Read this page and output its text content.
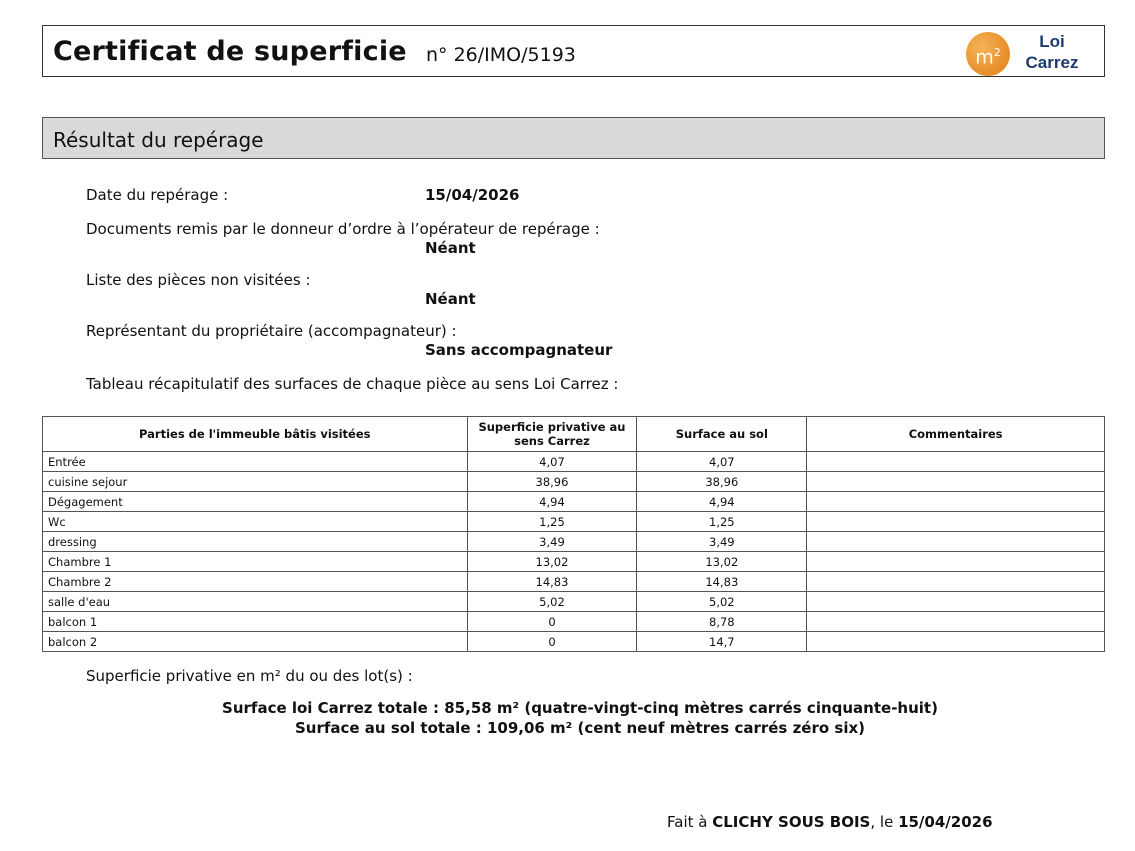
Certificat de superficie n° 26/IMO/5193	$m^2$
Loi
Carrez
Résultat du repérage
Date du repérage :	15/04/2026
Documents remis par le donneur d’ordre à l’opérateur de repérage :
Néant
Liste des pièces non visitées :
Néant
Représentant du propriétaire (accompagnateur) :
Sans accompagnateur
Tableau récapitulatif des surfaces de chaque pièce au sens Loi Carrez :
Parties de l'immeuble bâtis visitées	Superficie privative au sens Carrez	Surface au sol	Commentaires
Entrée	4,07	4,07	
cuisine sejour	38,96	38,96	
Dégagement	4,94	4,94	
Wc	1,25	1,25	
dressing	3,49	3,49	
Chambre 1	13,02	13,02	
Chambre 2	14,83	14,83	
salle d'eau	5,02	5,02	
balcon 1	0	8,78	
balcon 2	0	14,7	
Superficie privative en m² du ou des lot(s) :
Surface loi Carrez totale : 85,58 m² (quatre-vingt-cinq mètres carrés cinquante-huit)
Surface au sol totale : 109,06 m² (cent neuf mètres carrés zéro six)
Fait à CLICHY SOUS BOIS, le 15/04/2026
